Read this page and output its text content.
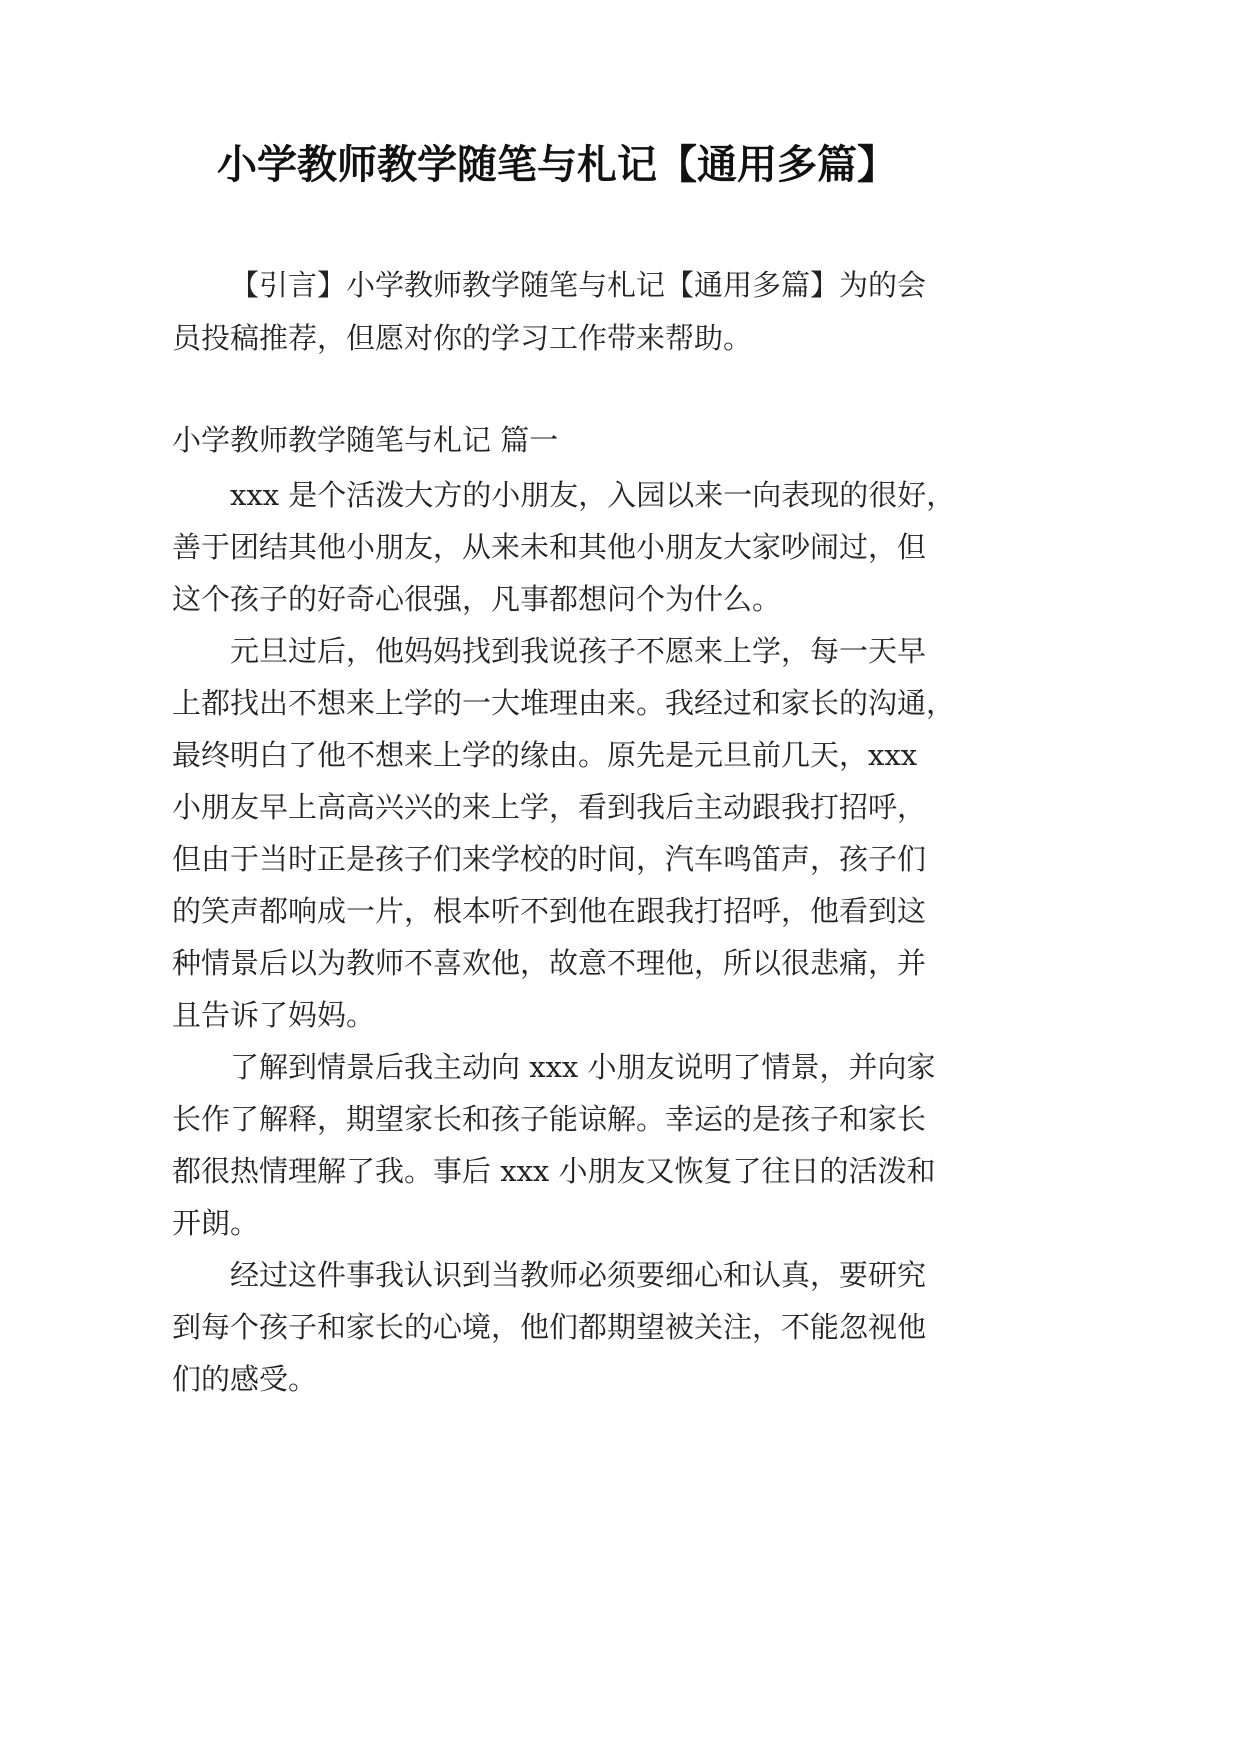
小学教师教学随笔与札记【通用多篇】
【引言】小学教师教学随笔与札记【通用多篇】为的会
员投稿推荐，但愿对你的学习工作带来帮助。
小学教师教学随笔与札记 篇一
xxx 是个活泼大方的小朋友，入园以来一向表现的很好，
善于团结其他小朋友，从来未和其他小朋友大家吵闹过，但
这个孩子的好奇心很强，凡事都想问个为什么。
元旦过后，他妈妈找到我说孩子不愿来上学，每一天早
上都找出不想来上学的一大堆理由来。我经过和家长的沟通，
最终明白了他不想来上学的缘由。原先是元旦前几天，xxx
小朋友早上高高兴兴的来上学，看到我后主动跟我打招呼，
但由于当时正是孩子们来学校的时间，汽车鸣笛声，孩子们
的笑声都响成一片，根本听不到他在跟我打招呼，他看到这
种情景后以为教师不喜欢他，故意不理他，所以很悲痛，并
且告诉了妈妈。
了解到情景后我主动向 xxx 小朋友说明了情景，并向家
长作了解释，期望家长和孩子能谅解。幸运的是孩子和家长
都很热情理解了我。事后 xxx 小朋友又恢复了往日的活泼和
开朗。
经过这件事我认识到当教师必须要细心和认真，要研究
到每个孩子和家长的心境，他们都期望被关注，不能忽视他
们的感受。
